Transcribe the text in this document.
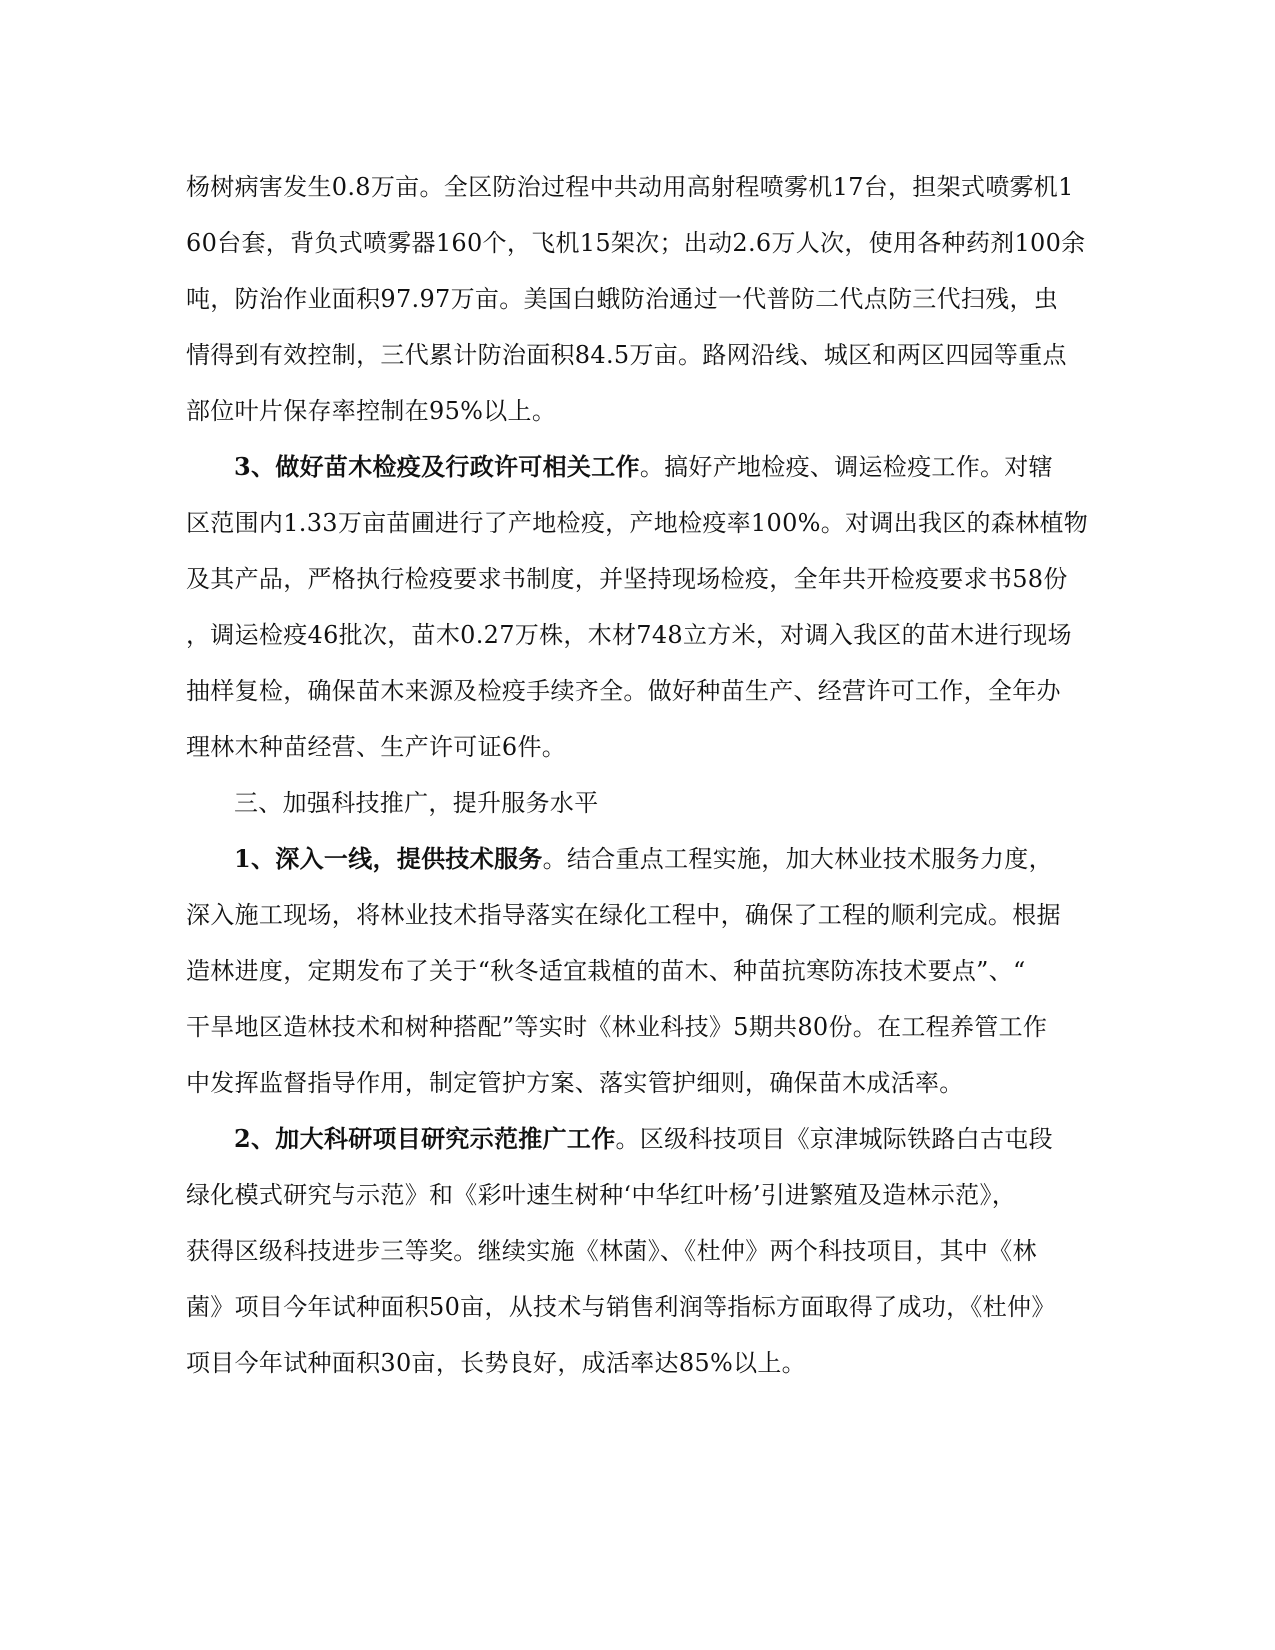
杨树病害发生0.8万亩。全区防治过程中共动用高射程喷雾机17台，担架式喷雾机1
60台套，背负式喷雾器160个，飞机15架次；出动2.6万人次，使用各种药剂100余
吨，防治作业面积97.97万亩。美国白蛾防治通过一代普防二代点防三代扫残，虫
情得到有效控制，三代累计防治面积84.5万亩。路网沿线、城区和两区四园等重点
部位叶片保存率控制在95%以上。
3、做好苗木检疫及行政许可相关工作。搞好产地检疫、调运检疫工作。对辖
区范围内1.33万亩苗圃进行了产地检疫，产地检疫率100%。对调出我区的森林植物
及其产品，严格执行检疫要求书制度，并坚持现场检疫，全年共开检疫要求书58份
，调运检疫46批次，苗木0.27万株，木材748立方米，对调入我区的苗木进行现场
抽样复检，确保苗木来源及检疫手续齐全。做好种苗生产、经营许可工作，全年办
理林木种苗经营、生产许可证6件。
三、加强科技推广，提升服务水平
1、深入一线，提供技术服务。结合重点工程实施，加大林业技术服务力度，
深入施工现场，将林业技术指导落实在绿化工程中，确保了工程的顺利完成。根据
造林进度，定期发布了关于“秋冬适宜栽植的苗木、种苗抗寒防冻技术要点”、“
干旱地区造林技术和树种搭配”等实时《林业科技》5期共80份。在工程养管工作
中发挥监督指导作用，制定管护方案、落实管护细则，确保苗木成活率。
2、加大科研项目研究示范推广工作。区级科技项目《京津城际铁路白古屯段
绿化模式研究与示范》和《彩叶速生树种‘中华红叶杨’引进繁殖及造林示范》，
获得区级科技进步三等奖。继续实施《林菌》、《杜仲》两个科技项目，其中《林
菌》项目今年试种面积50亩，从技术与销售利润等指标方面取得了成功，《杜仲》
项目今年试种面积30亩，长势良好，成活率达85%以上。
